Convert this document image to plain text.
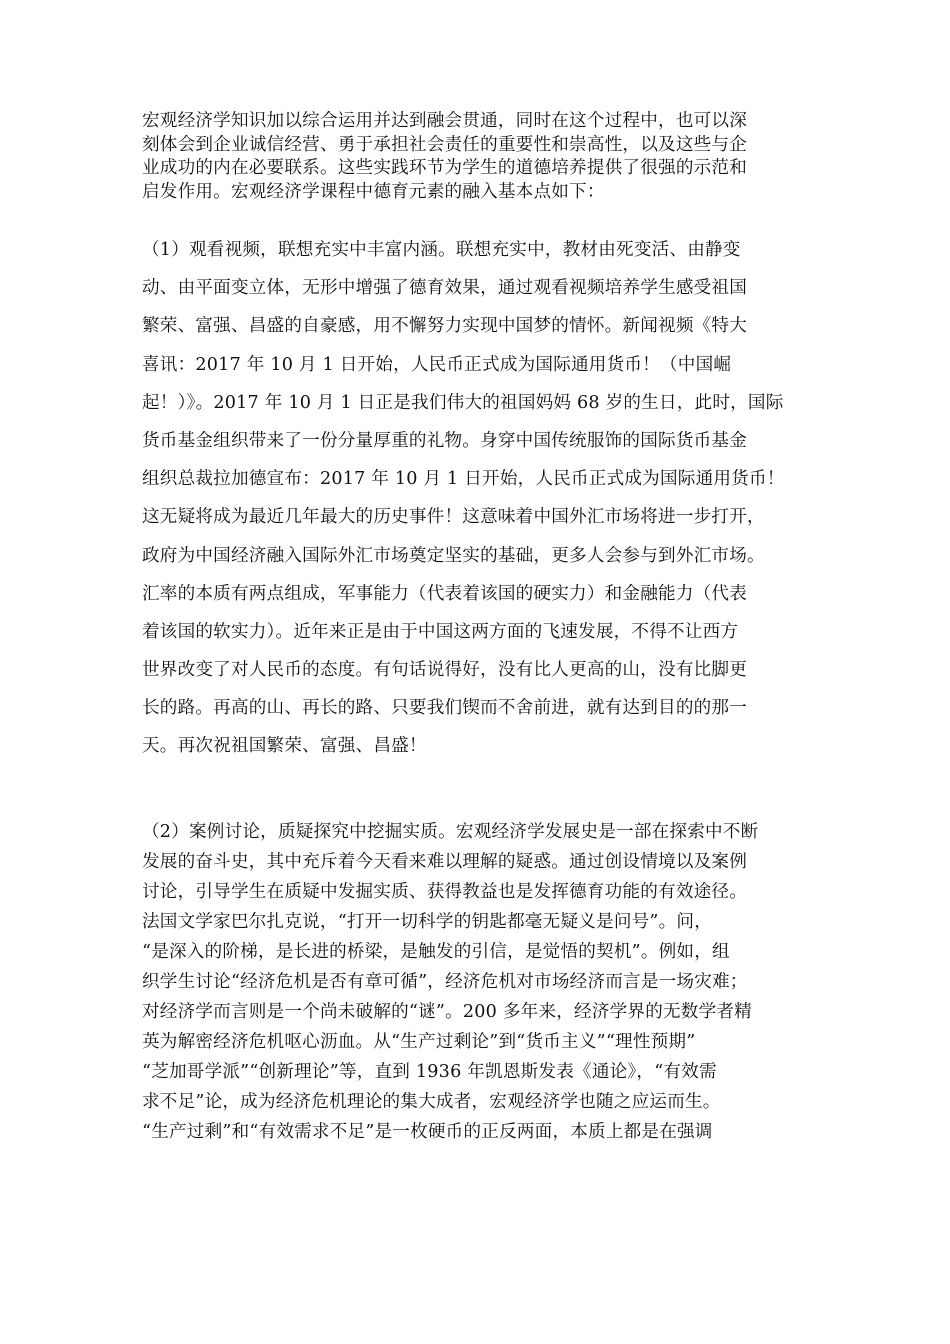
宏观经济学知识加以综合运用并达到融会贯通，同时在这个过程中，也可以深
刻体会到企业诚信经营、勇于承担社会责任的重要性和崇高性，以及这些与企
业成功的内在必要联系。这些实践环节为学生的道德培养提供了很强的示范和
启发作用。宏观经济学课程中德育元素的融入基本点如下：
（1）观看视频，联想充实中丰富内涵。联想充实中，教材由死变活、由静变
动、由平面变立体，无形中增强了德育效果，通过观看视频培养学生感受祖国
繁荣、富强、昌盛的自豪感，用不懈努力实现中国梦的情怀。新闻视频《特大
喜讯：2017 年 10 月 1 日开始，人民币正式成为国际通用货币！（中国崛
起！）》。2017 年 10 月 1 日正是我们伟大的祖国妈妈 68 岁的生日，此时，国际
货币基金组织带来了一份分量厚重的礼物。身穿中国传统服饰的国际货币基金
组织总裁拉加德宣布：2017 年 10 月 1 日开始，人民币正式成为国际通用货币！
这无疑将成为最近几年最大的历史事件！这意味着中国外汇市场将进一步打开，
政府为中国经济融入国际外汇市场奠定坚实的基础，更多人会参与到外汇市场。
汇率的本质有两点组成，军事能力（代表着该国的硬实力）和金融能力（代表
着该国的软实力）。近年来正是由于中国这两方面的飞速发展，不得不让西方
世界改变了对人民币的态度。有句话说得好，没有比人更高的山，没有比脚更
长的路。再高的山、再长的路、只要我们锲而不舍前进，就有达到目的的那一
天。再次祝祖国繁荣、富强、昌盛！
（2）案例讨论，质疑探究中挖掘实质。宏观经济学发展史是一部在探索中不断
发展的奋斗史，其中充斥着今天看来难以理解的疑惑。通过创设情境以及案例
讨论，引导学生在质疑中发掘实质、获得教益也是发挥德育功能的有效途径。
法国文学家巴尔扎克说，“打开一切科学的钥匙都毫无疑义是问号”。问，
“是深入的阶梯，是长进的桥梁，是触发的引信，是觉悟的契机”。例如，组
织学生讨论“经济危机是否有章可循”，经济危机对市场经济而言是一场灾难；
对经济学而言则是一个尚未破解的“谜”。200 多年来，经济学界的无数学者精
英为解密经济危机呕心沥血。从“生产过剩论”到“货币主义”“理性预期”
“芝加哥学派”“创新理论”等，直到 1936 年凯恩斯发表《通论》，“有效需
求不足”论，成为经济危机理论的集大成者，宏观经济学也随之应运而生。
“生产过剩”和“有效需求不足”是一枚硬币的正反两面，本质上都是在强调
